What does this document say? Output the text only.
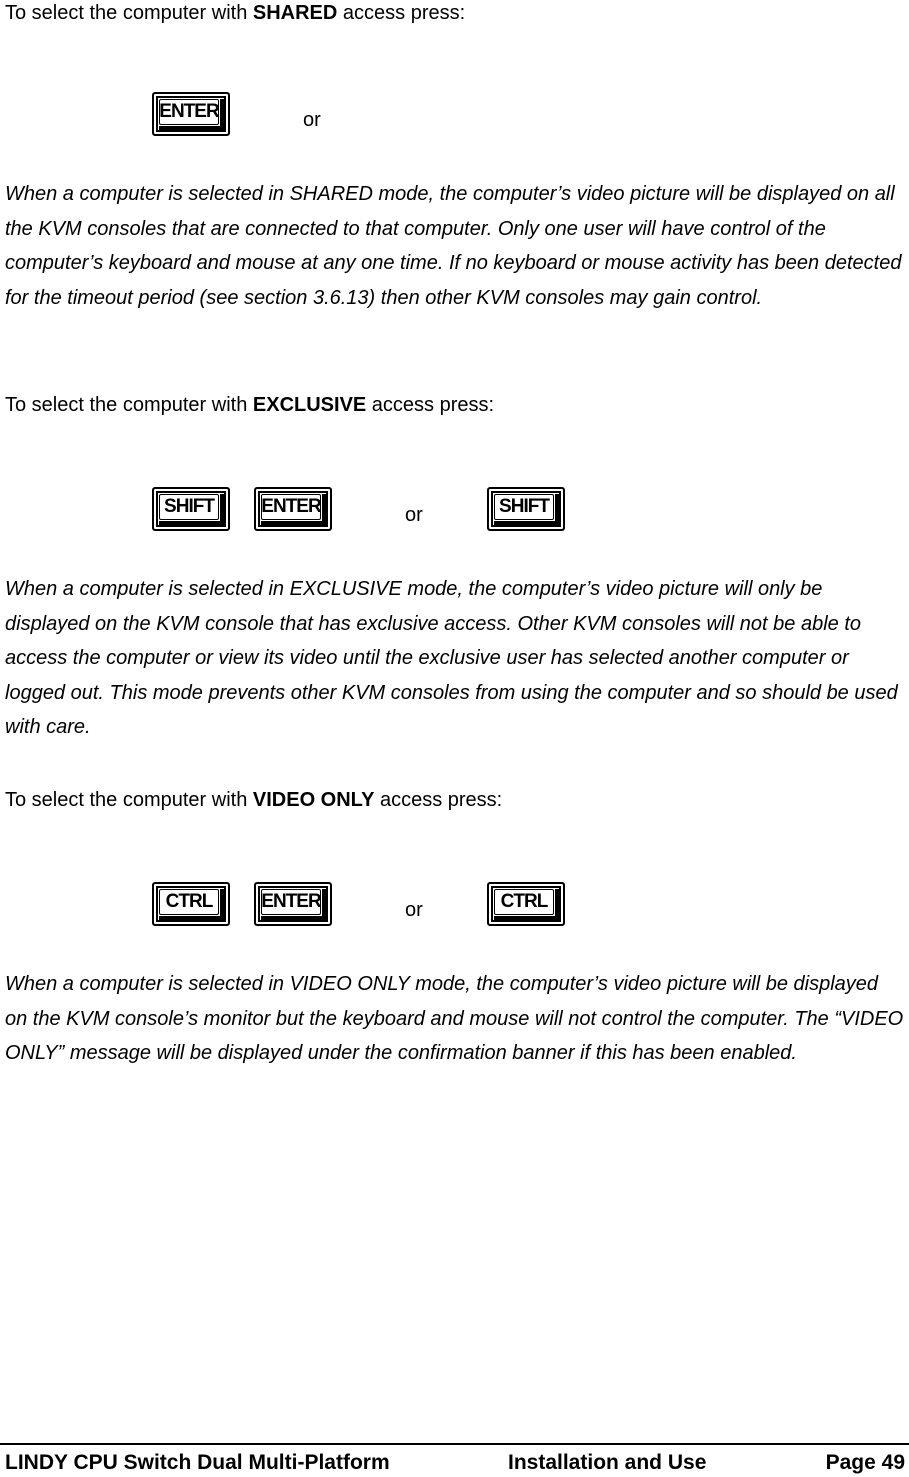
To select the computer with SHARED access press:
ENTER	or
When a computer is selected in SHARED mode, the computer’s video picture will be displayed on all the KVM consoles that are connected to that computer. Only one user will have control of the computer’s keyboard and mouse at any one time. If no keyboard or mouse activity has been detected for the timeout period (see section 3.6.13) then other KVM consoles may gain control.
To select the computer with EXCLUSIVE access press:
SHIFT ENTER	or	SHIFT
When a computer is selected in EXCLUSIVE mode, the computer’s video picture will only be displayed on the KVM console that has exclusive access. Other KVM consoles will not be able to access the computer or view its video until the exclusive user has selected another computer or logged out. This mode prevents other KVM consoles from using the computer and so should be used with care.
To select the computer with VIDEO ONLY access press:
CTRL	ENTER	or	CTRL
When a computer is selected in VIDEO ONLY mode, the computer’s video picture will be displayed on the KVM console’s monitor but the keyboard and mouse will not control the computer. The “VIDEO ONLY” message will be displayed under the confirmation banner if this has been enabled.
LINDY CPU Switch Dual Multi-Platform	Installation and Use	Page 49
